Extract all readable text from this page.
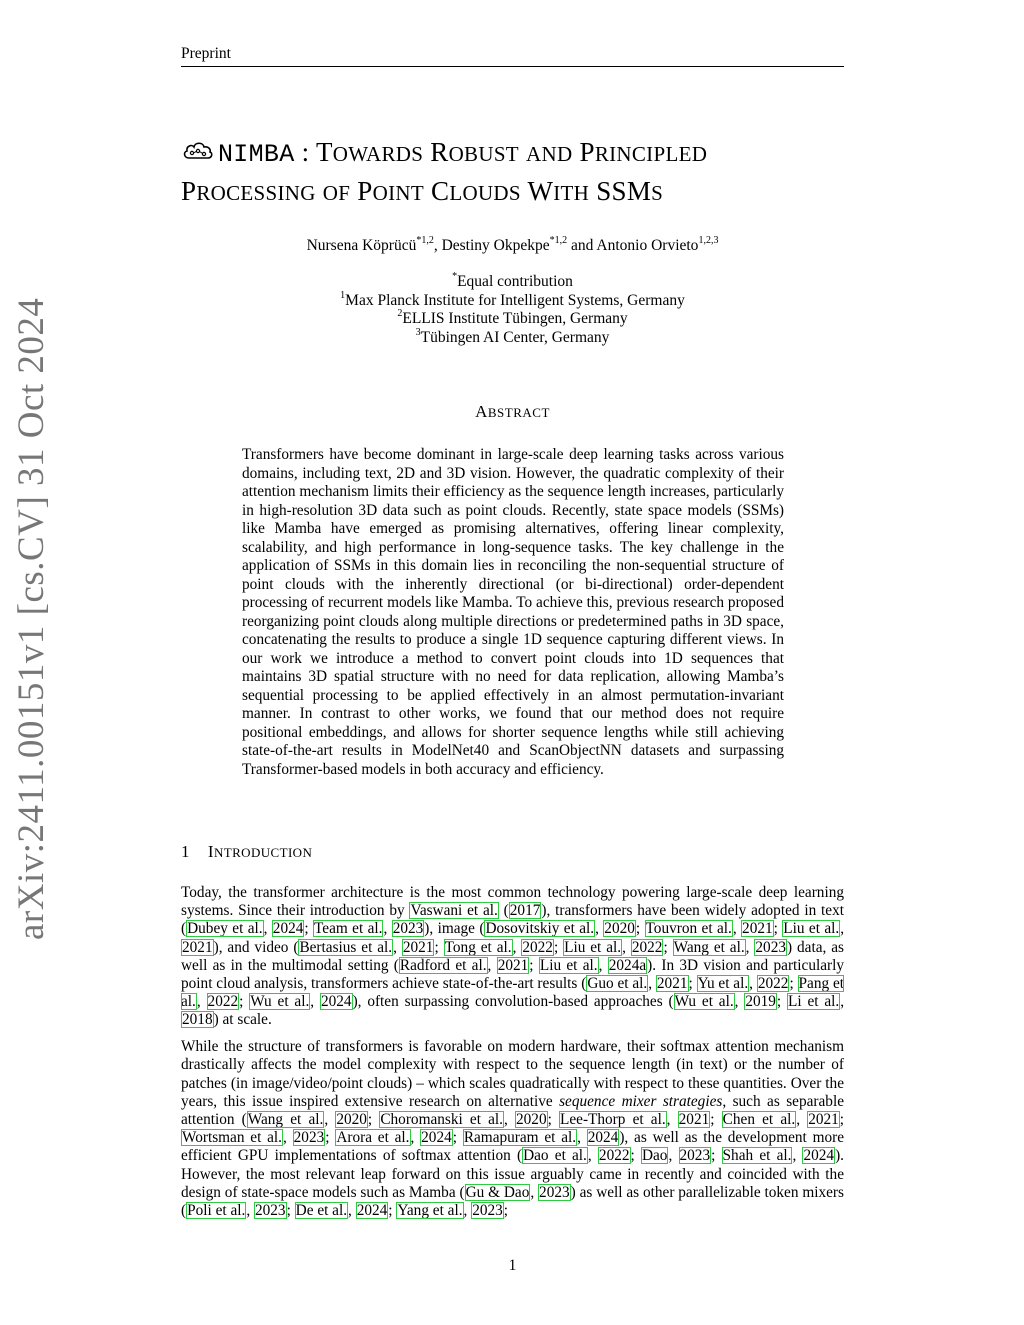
Preprint
arXiv:2411.00151v1 [cs.CV] 31 Oct 2024
NIMBA : TOWARDS ROBUST AND PRINCIPLED
PROCESSING OF POINT CLOUDS WITH SSMS
Nursena Köprücü$^{*1,2}$, Destiny Okpekpe$^{*1,2}$ and Antonio Orvieto$^{1,2,3}$
*Equal contribution
$^1$Max Planck Institute for Intelligent Systems, Germany
$^2$ELLIS Institute Tübingen, Germany
$^3$Tübingen AI Center, Germany
ABSTRACT
Transformers have become dominant in large-scale deep learning tasks across various domains, including text, 2D and 3D vision. However, the quadratic complexity of their attention mechanism limits their efficiency as the sequence length increases, particularly in high-resolution 3D data such as point clouds. Recently, state space models (SSMs) like Mamba have emerged as promising alternatives, offering linear complexity, scalability, and high performance in long-sequence tasks. The key challenge in the application of SSMs in this domain lies in reconciling the non-sequential structure of point clouds with the inherently directional (or bi-directional) order-dependent processing of recurrent models like Mamba. To achieve this, previous research proposed reorganizing point clouds along multiple directions or predetermined paths in 3D space, concatenating the results to produce a single 1D sequence capturing different views. In our work we introduce a method to convert point clouds into 1D sequences that maintains 3D spatial structure with no need for data replication, allowing Mamba’s sequential processing to be applied effectively in an almost permutation-invariant manner. In contrast to other works, we found that our method does not require positional embeddings, and allows for shorter sequence lengths while still achieving state-of-the-art results in ModelNet40 and ScanObjectNN datasets and surpassing Transformer-based models in both accuracy and efficiency.
1 INTRODUCTION

Today, the transformer architecture is the most common technology powering large-scale deep learning systems. Since their introduction by Vaswani et al. (2017), transformers have been widely adopted in text (Dubey et al., 2024; Team et al., 2023), image (Dosovitskiy et al., 2020; Touvron et al., 2021; Liu et al., 2021), and video (Bertasius et al., 2021; Tong et al., 2022; Liu et al., 2022; Wang et al., 2023) data, as well as in the multimodal setting (Radford et al., 2021; Liu et al., 2024a). In 3D vision and particularly point cloud analysis, transformers achieve state-of-the-art results (Guo et al., 2021; Yu et al., 2022; Pang et al., 2022; Wu et al., 2024), often surpassing convolution-based approaches (Wu et al., 2019; Li et al., 2018) at scale.

While the structure of transformers is favorable on modern hardware, their softmax attention mechanism drastically affects the model complexity with respect to the sequence length (in text) or the number of patches (in image/video/point clouds) – which scales quadratically with respect to these quantities. Over the years, this issue inspired extensive research on alternative sequence mixer strategies, such as separable attention (Wang et al., 2020; Choromanski et al., 2020; Lee-Thorp et al., 2021; Chen et al., 2021; Wortsman et al., 2023; Arora et al., 2024; Ramapuram et al., 2024), as well as the development more efficient GPU implementations of softmax attention (Dao et al., 2022; Dao, 2023; Shah et al., 2024). However, the most relevant leap forward on this issue arguably came in recently and coincided with the design of state-space models such as Mamba (Gu & Dao, 2023) as well as other parallelizable token mixers (Poli et al., 2023; De et al., 2024; Yang et al., 2023;

1
